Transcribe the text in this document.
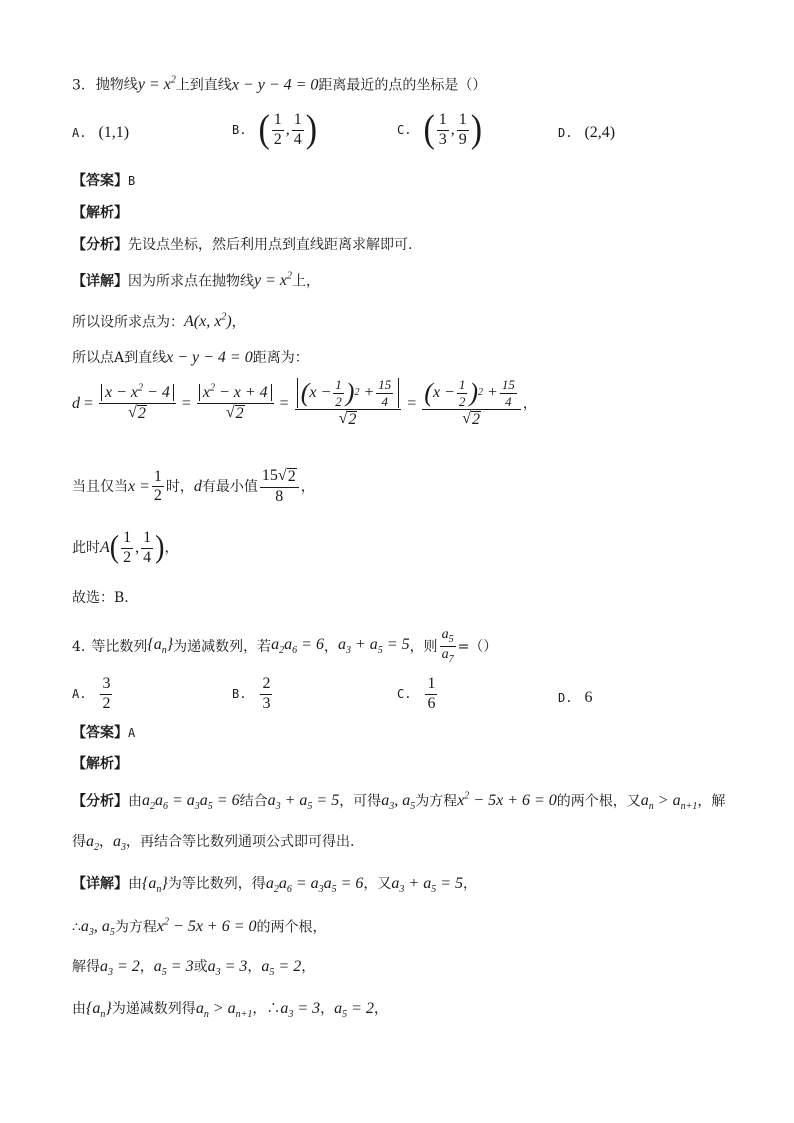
3. 抛物线$y = x^2$上到直线x − y − 4 = 0距离最近的点的坐标是（）
A. (1,1)	B. ( $\frac{1}{2}$ , $\frac{1}{4}$ )	C. ( $\frac{1}{3}$ , $\frac{1}{9}$ )	D. (2,4)
【答案】B
【解析】
【分析】先设点坐标，然后利用点到直线距离求解即可.
【详解】因为所求点在抛物线$y = x^2$上，
所以设所求点为：A(x, $x^2$)，
所以点A到直线x − y − 4 = 0距离为：
$d = \frac{x - x^2 - 4}{√ 2} = \frac{x^2 - x + 4}{√ 2} = \frac{( x - \frac{1}{2} ) 2 + \frac{15}{4}}{√ 2} = \frac{( x - \frac{1}{2} ) 2 + \frac{15}{4}}{√ 2}$ ，
当且仅当 $x = \frac{1}{2}$ 时， d 有最小值 $\frac{15 √ 2}{8}$ ，
此时 A ( $\frac{1}{2}$ , $\frac{1}{4}$ ) ，
故选：B.
4. 等比数列 $\{a_n\}$ 为递减数列，若 $a_2a_6 = 6$ ， $a_3 + a_5 = 5$ ，则 $\frac{a_5}{a_7}$ =（）
A. $\frac{3}{2}$	B. $\frac{2}{3}$	C. $\frac{1}{6}$	D. 6
【答案】A
【解析】
【分析】由$a_2a_6 = a_3a_5 = 6$结合$a_3 + a_5 = 5$，可得$a_3$, $a_5$为方程$x^2 - 5x + 6 = 0$的两个根，又$a_n > a_{n+1}$，解
得$a_2$，$a_3$，再结合等比数列通项公式即可得出.
【详解】由$\{a_n\}$为等比数列，得$a_2a_6 = a_3a_5 = 6$，又$a_3 + a_5 = 5$，
$\therefore a_3$, $a_5$为方程$x^2 - 5x + 6 = 0$的两个根，
解得$a_3 = 2$，$a_5 = 3$或$a_3 = 3$，$a_5 = 2$，
由$\{a_n\}$为递减数列得$a_n > a_{n+1}$，$\therefore a_3 = 3$，$a_5 = 2$，
